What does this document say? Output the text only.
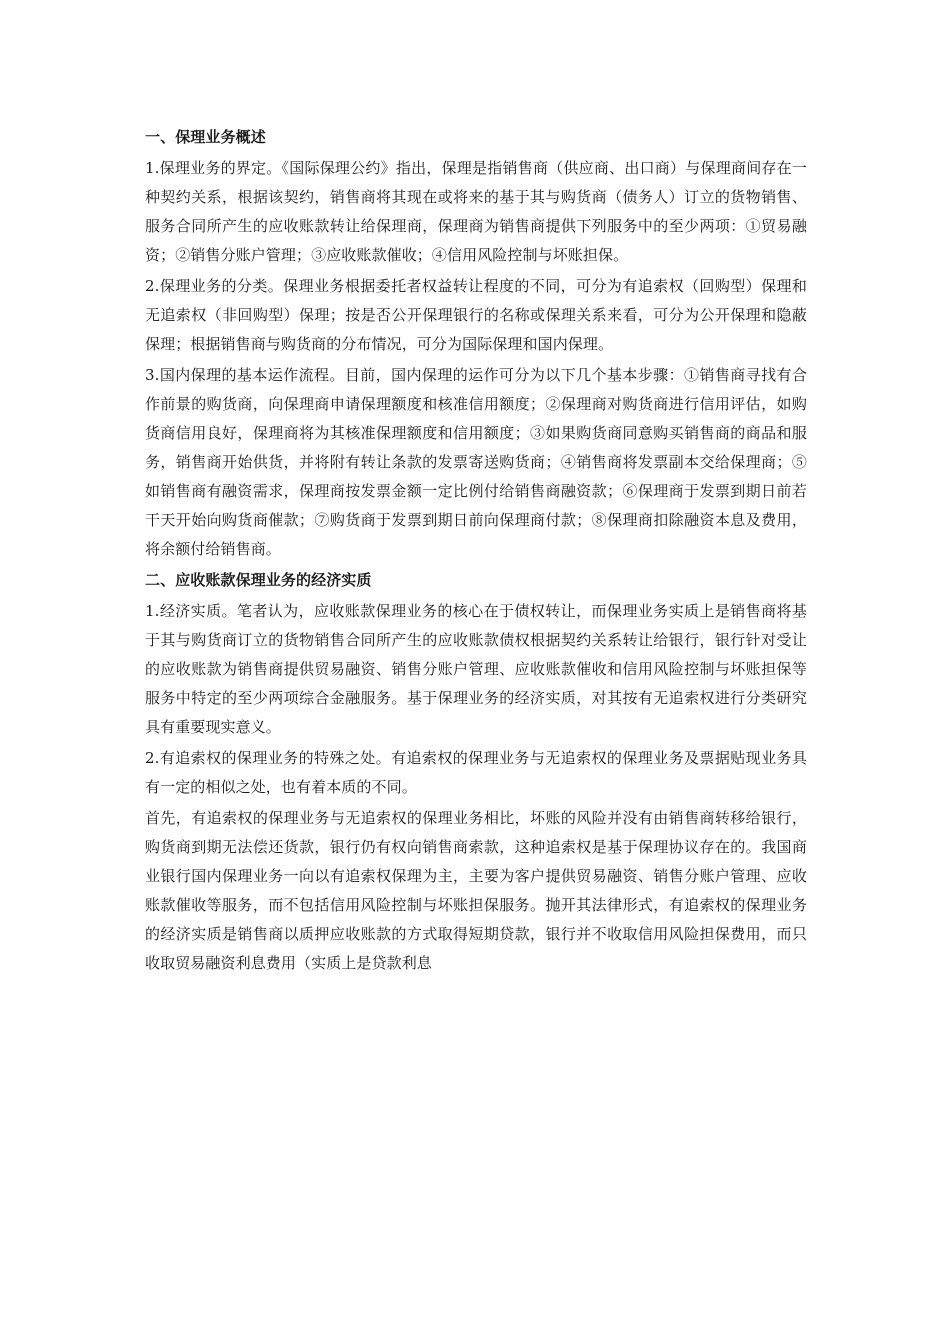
一、保理业务概述

1.保理业务的界定。《国际保理公约》指出，保理是指销售商（供应商、出口商）与保理商间存在一种契约关系，根据该契约，销售商将其现在或将来的基于其与购货商（债务人）订立的货物销售、服务合同所产生的应收账款转让给保理商，保理商为销售商提供下列服务中的至少两项：①贸易融资；②销售分账户管理；③应收账款催收；④信用风险控制与坏账担保。

2.保理业务的分类。保理业务根据委托者权益转让程度的不同，可分为有追索权（回购型）保理和无追索权（非回购型）保理；按是否公开保理银行的名称或保理关系来看，可分为公开保理和隐蔽保理；根据销售商与购货商的分布情况，可分为国际保理和国内保理。

3.国内保理的基本运作流程。目前，国内保理的运作可分为以下几个基本步骤：①销售商寻找有合作前景的购货商，向保理商申请保理额度和核准信用额度；②保理商对购货商进行信用评估，如购货商信用良好，保理商将为其核准保理额度和信用额度；③如果购货商同意购买销售商的商品和服务，销售商开始供货，并将附有转让条款的发票寄送购货商；④销售商将发票副本交给保理商；⑤如销售商有融资需求，保理商按发票金额一定比例付给销售商融资款；⑥保理商于发票到期日前若干天开始向购货商催款；⑦购货商于发票到期日前向保理商付款；⑧保理商扣除融资本息及费用，将余额付给销售商。

二、应收账款保理业务的经济实质

1.经济实质。笔者认为，应收账款保理业务的核心在于债权转让，而保理业务实质上是销售商将基于其与购货商订立的货物销售合同所产生的应收账款债权根据契约关系转让给银行，银行针对受让的应收账款为销售商提供贸易融资、销售分账户管理、应收账款催收和信用风险控制与坏账担保等服务中特定的至少两项综合金融服务。基于保理业务的经济实质，对其按有无追索权进行分类研究具有重要现实意义。

2.有追索权的保理业务的特殊之处。有追索权的保理业务与无追索权的保理业务及票据贴现业务具有一定的相似之处，也有着本质的不同。

首先，有追索权的保理业务与无追索权的保理业务相比，坏账的风险并没有由销售商转移给银行，购货商到期无法偿还货款，银行仍有权向销售商索款，这种追索权是基于保理协议存在的。我国商业银行国内保理业务一向以有追索权保理为主，主要为客户提供贸易融资、销售分账户管理、应收账款催收等服务，而不包括信用风险控制与坏账担保服务。抛开其法律形式，有追索权的保理业务的经济实质是销售商以质押应收账款的方式取得短期贷款，银行并不收取信用风险担保费用，而只收取贸易融资利息费用（实质上是贷款利息
